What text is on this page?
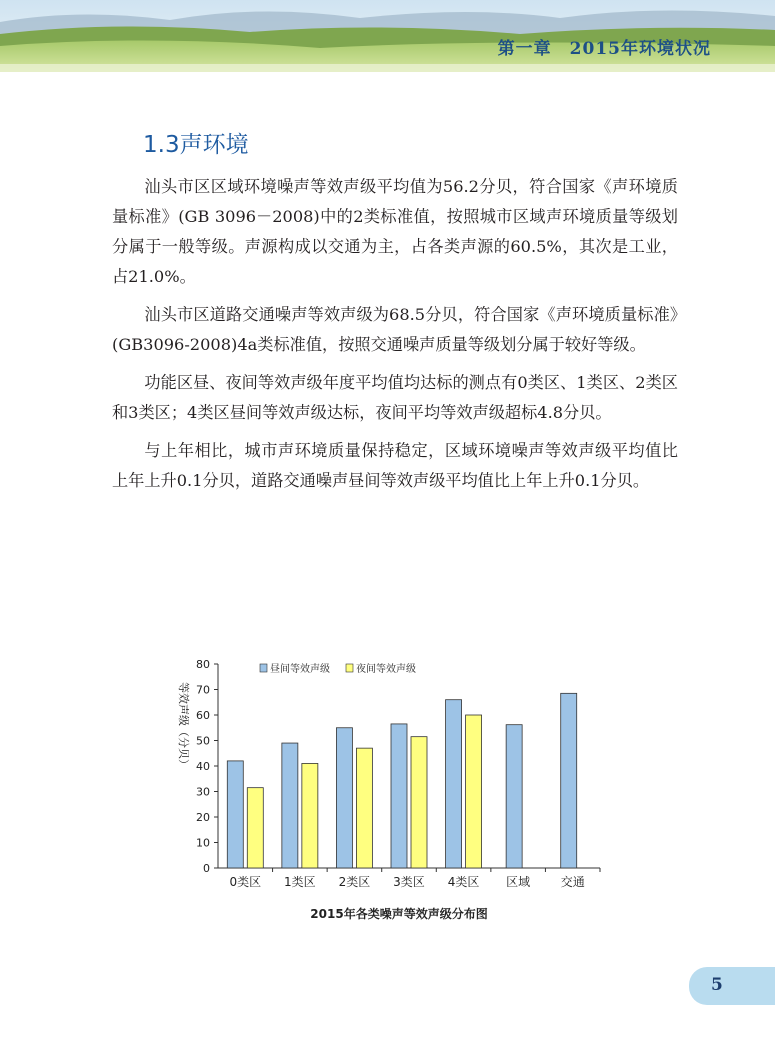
第一章　2015年环境状况
1.3声环境

汕头市区区域环境噪声等效声级平均值为56.2分贝，符合国家《声环境质量标准》(GB 3096－2008)中的2类标准值，按照城市区域声环境质量等级划分属于一般等级。声源构成以交通为主，占各类声源的60.5%，其次是工业，占21.0%。

汕头市区道路交通噪声等效声级为68.5分贝，符合国家《声环境质量标准》(GB3096-2008)4a类标准值，按照交通噪声质量等级划分属于较好等级。

功能区昼、夜间等效声级年度平均值均达标的测点有0类区、1类区、2类区和3类区；4类区昼间等效声级达标，夜间平均等效声级超标4.8分贝。

与上年相比，城市声环境质量保持稳定，区域环境噪声等效声级平均值比上年上升0.1分贝，道路交通噪声昼间等效声级平均值比上年上升0.1分贝。

0
10
20
30
40
50
60
70
80
等效声级（分贝）
0类区 1类区 2类区 3类区 4类区 区域	交通
昼间等效声级	夜间等效声级
2015年各类噪声等效声级分布图
5
